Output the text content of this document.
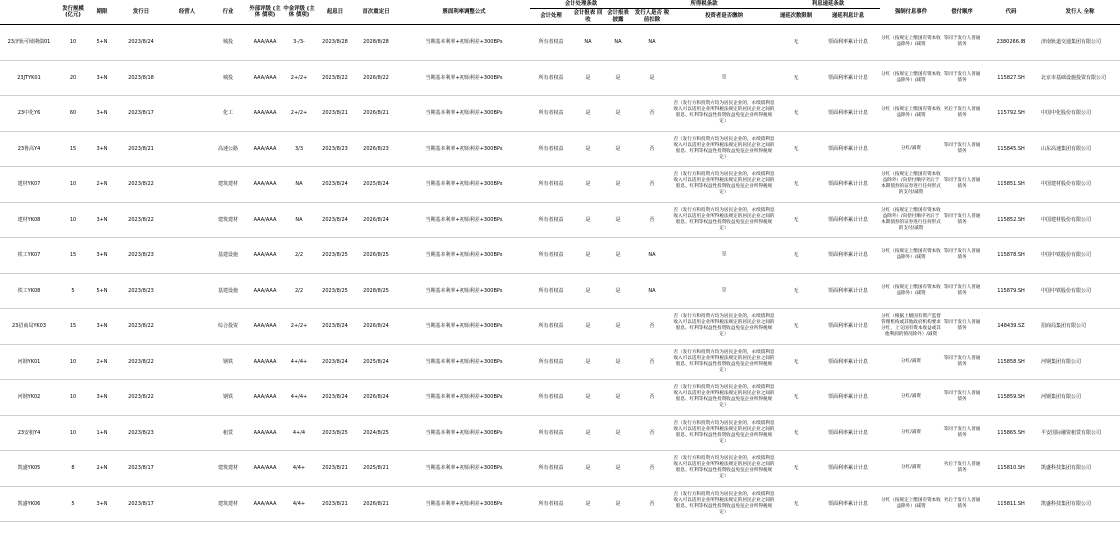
	发行规模 (亿元)	期限	发行日	经营人	行业	外部评级 (主体 债项)	中金评级 (主体 债项)	起息日	首次重定日	票面利率调整公式	会计处理条款			所得税条款		利息递延条款		强制付息事件	偿付顺序	代码	发行人 全称
											会计处理	会计报表 回收	会计报表 披露	发行人是否 税前扣除	投资者是否缴纳	递延次数限制	递延利息计息				
23济轨可续期债01	10	5+N	2023/8/24		城投	AAA/AAA	3-/3-	2023/8/28	2028/8/28	当期基本利率+初始利差+300BPs	所有者权益	NA	NA	NA		无	票面利率累计计息	分红（按规定上缴国有资本收益除外）/减资	等同于发行人普通债务	2380266.IB	济南轨道交通集团有限公司
23JTYK01	20	3+N	2023/8/18		城投	AAA/AAA	2+/2+	2023/8/22	2026/8/22	当期基本利率+初始利差+300BPs	所有者权益	是	是	是	是	无	票面利率累计计息	分红（按规定上缴国有资本收益除外）/减资	等同于发行人普通债务	115827.SH	北京市基础设施投资有限公司
23中化Y6	60	3+N	2023/8/17		化工	AAA/AAA	2+/2+	2023/8/21	2026/8/21	当期基本利率+初始利差+300BPs	所有者权益	是	是	否	否（发行方和投资方均为居民企业的，永续债利息收入可以适用企业所得税法规定的居民企业之间的股息、红利等权益性投资收益免征企业所得税规定）	无	票面利率累计计息	分红（按规定上缴国有资本收益除外）/减资	劣后于发行人普通债务	115792.SH	中国中化股份有限公司
23鲁高Y4	15	3+N	2023/8/21		高速公路	AAA/AAA	3/3	2023/8/23	2026/8/23	当期基本利率+初始利差+300BPs	所有者权益	是	是	否	否（发行方和投资方均为居民企业的，永续债利息收入可以适用企业所得税法规定的居民企业之间的股息、红利等权益性投资收益免征企业所得税规定）	无	票面利率累计计息	分红/减资	等同于发行人普通债务	115845.SH	山东高速集团有限公司
建材YK07	10	2+N	2023/8/22		建筑建材	AAA/AAA	NA	2023/8/24	2025/8/24	当期基本利率+初始利差+300BPs	所有者权益	是	是	否	否（发行方和投资方均为居民企业的，永续债利息收入可以适用企业所得税法规定的居民企业之间的股息、红利等权益性投资收益免征企业所得税规定）	无	票面利率累计计息	分红（按规定上缴国有资本收益除外）/向偿付顺序劣后于本期债券的证券进行任何形式的支付/减资	等同于发行人普通债务	115851.SH	中国建材股份有限公司
建材YK08	10	3+N	2023/8/22		建筑建材	AAA/AAA	NA	2023/8/24	2026/8/24	当期基本利率+初始利差+300BPs	所有者权益	是	是	否	否（发行方和投资方均为居民企业的，永续债利息收入可以适用企业所得税法规定的居民企业之间的股息、红利等权益性投资收益免征企业所得税规定）	无	票面利率累计计息	分红（按规定上缴国有资本收益除外）/向偿付顺序劣后于本期债券的证券进行任何形式的支付/减资	等同于发行人普通债务	115852.SH	中国建材股份有限公司
铁工YK07	15	3+N	2023/8/23		基建设施	AAA/AAA	2/2	2023/8/25	2026/8/25	当期基本利率+初始利差+300BPs	所有者权益	是	是	NA	是	无	票面利率累计计息	分红（按规定上缴国有资本收益除外）/减资	等同于发行人普通债务	115878.SH	中国中铁股份有限公司
铁工YK08	5	5+N	2023/8/23		基建设施	AAA/AAA	2/2	2023/8/25	2028/8/25	当期基本利率+初始利差+300BPs	所有者权益	是	是	NA	是	无	票面利率累计计息	分红（按规定上缴国有资本收益除外）/减资	等同于发行人普通债务	115879.SH	中国中铁股份有限公司
23招商局YK03	15	3+N	2023/8/22		综合投资	AAA/AAA	2+/2+	2023/8/24	2026/8/24	当期基本利率+初始利差+300BPs	所有者权益	是	是	否	否（发行方和投资方均为居民企业的，永续债利息收入可以适用企业所得税法规定的居民企业之间的股息、红利等权益性投资收益免征企业所得税规定）	无	票面利率累计计息	分红（根据上级国有资产监督管理机构或其他政府机构要求分红，上交国有资本收益或其他利润的情况除外）/减资	等同于发行人普通债务	148439.SZ	招商局集团有限公司
河钢YK01	10	2+N	2023/8/22		钢铁	AAA/AAA	4+/4+	2023/8/24	2025/8/24	当期基本利率+初始利差+300BPs	所有者权益	是	是	否	否（发行方和投资方均为居民企业的，永续债利息收入可以适用企业所得税法规定的居民企业之间的股息、红利等权益性投资收益免征企业所得税规定）	无	票面利率累计计息	分红/减资	等同于发行人普通债务	115858.SH	河钢集团有限公司
河钢YK02	10	3+N	2023/8/22		钢铁	AAA/AAA	4+/4+	2023/8/24	2026/8/24	当期基本利率+初始利差+300BPs	所有者权益	是	是	否	否（发行方和投资方均为居民企业的，永续债利息收入可以适用企业所得税法规定的居民企业之间的股息、红利等权益性投资收益免征企业所得税规定）	无	票面利率累计计息	分红/减资	等同于发行人普通债务	115859.SH	河钢集团有限公司
23安租Y4	10	1+N	2023/8/23		租赁	AAA/AAA	4+/4	2023/8/25	2024/8/25	当期基本利率+初始利差+300BPs	所有者权益	是	是	否	否（发行方和投资方均为居民企业的，永续债利息收入可以适用企业所得税法规定的居民企业之间的股息、红利等权益性投资收益免征企业所得税规定）	无	票面利率累计计息	分红/减资	等同于发行人普通债务	115865.SH	平安国际融资租赁有限公司
凯盛YK05	8	2+N	2023/8/17		建筑建材	AAA/AAA	4/4+	2023/8/21	2025/8/21	当期基本利率+初始利差+300BPs	所有者权益	是	是	否	否（发行方和投资方均为居民企业的，永续债利息收入可以适用企业所得税法规定的居民企业之间的股息、红利等权益性投资收益免征企业所得税规定）	无	票面利率累计计息	分红/减资	劣后于发行人普通债务	115810.SH	凯盛科技集团有限公司
凯盛YK06	5	3+N	2023/8/17		建筑建材	AAA/AAA	4/4+	2023/8/21	2026/8/21	当期基本利率+初始利差+300BPs	所有者权益	是	是	否	否（发行方和投资方均为居民企业的，永续债利息收入可以适用企业所得税法规定的居民企业之间的股息、红利等权益性投资收益免征企业所得税规定）	无	票面利率累计计息	分红（按规定上缴国有资本收益除外）/减资	劣后于发行人普通债务	115811.SH	凯盛科技集团有限公司
